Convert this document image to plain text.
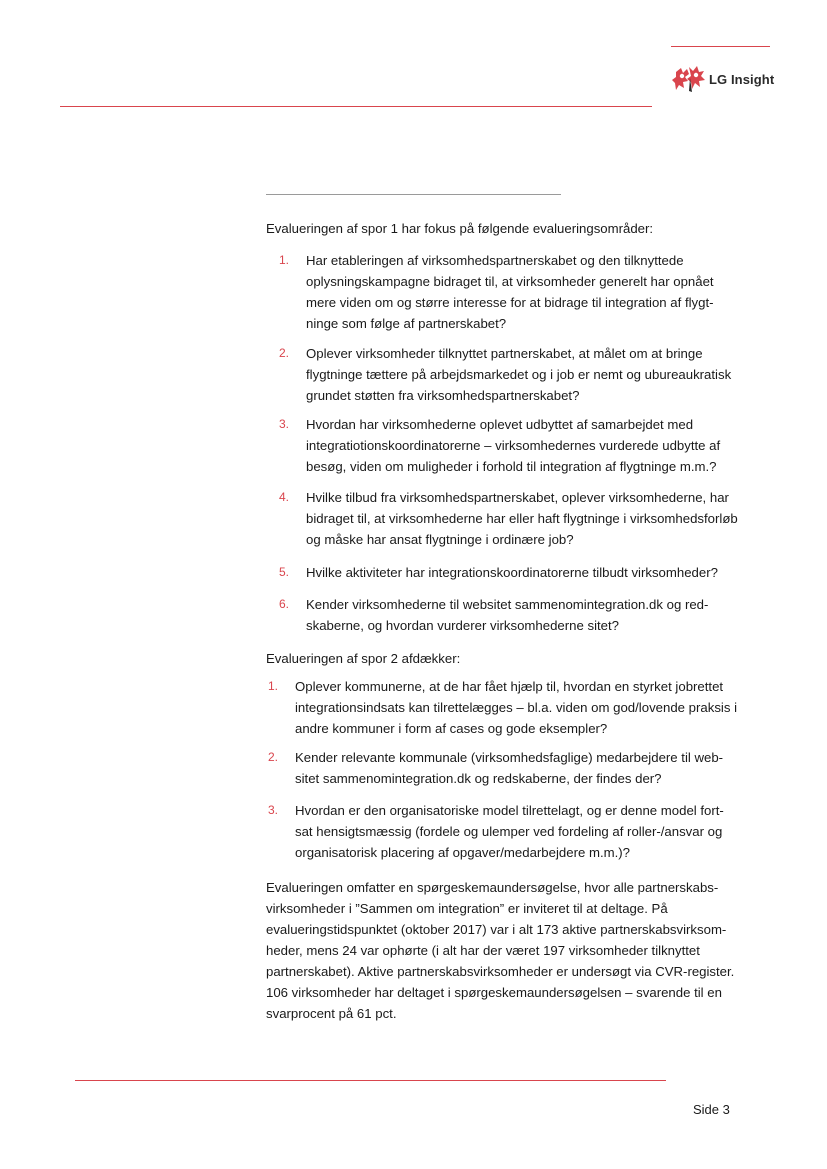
LG Insight

Evalueringen af spor 1 har fokus på følgende evalueringsområder:

1. Har etableringen af virksomhedspartnerskabet og den tilknyttede oplysningskampagne bidraget til, at virksomheder generelt har opnået mere viden om og større interesse for at bidrage til integration af flygt-ninge som følge af partnerskabet?
2. Oplever virksomheder tilknyttet partnerskabet, at målet om at bringe flygtninge tættere på arbejdsmarkedet og i job er nemt og ubureaukratisk grundet støtten fra virksomhedspartnerskabet?
3. Hvordan har virksomhederne oplevet udbyttet af samarbejdet med integratiotionskoordinatorerne – virksomhedernes vurderede udbytte af besøg, viden om muligheder i forhold til integration af flygtninge m.m.?
4. Hvilke tilbud fra virksomhedspartnerskabet, oplever virksomhederne, har bidraget til, at virksomhederne har eller haft flygtninge i virksomhedsforløb og måske har ansat flygtninge i ordinære job?
5. Hvilke aktiviteter har integrationskoordinatorerne tilbudt virksomheder?
6. Kender virksomhederne til websitet sammenomintegration.dk og red-skaberne, og hvordan vurderer virksomhederne sitet?

Evalueringen af spor 2 afdækker:

1. Oplever kommunerne, at de har fået hjælp til, hvordan en styrket jobrettet integrationsindsats kan tilrettelægges – bl.a. viden om god/lovende praksis i andre kommuner i form af cases og gode eksempler?
2. Kender relevante kommunale (virksomhedsfaglige) medarbejdere til web-sitet sammenomintegration.dk og redskaberne, der findes der?
3. Hvordan er den organisatoriske model tilrettelagt, og er denne model fort-sat hensigtsmæssig (fordele og ulemper ved fordeling af roller-/ansvar og organisatorisk placering af opgaver/medarbejdere m.m.)?

Evalueringen omfatter en spørgeskemaundersøgelse, hvor alle partnerskabs-virksomheder i ”Sammen om integration” er inviteret til at deltage. På evalueringstidspunktet (oktober 2017) var i alt 173 aktive partnerskabsvirksom-heder, mens 24 var ophørte (i alt har der været 197 virksomheder tilknyttet partnerskabet). Aktive partnerskabsvirksomheder er undersøgt via CVR-register. 106 virksomheder har deltaget i spørgeskemaundersøgelsen – svarende til en svarprocent på 61 pct.

Side 3
